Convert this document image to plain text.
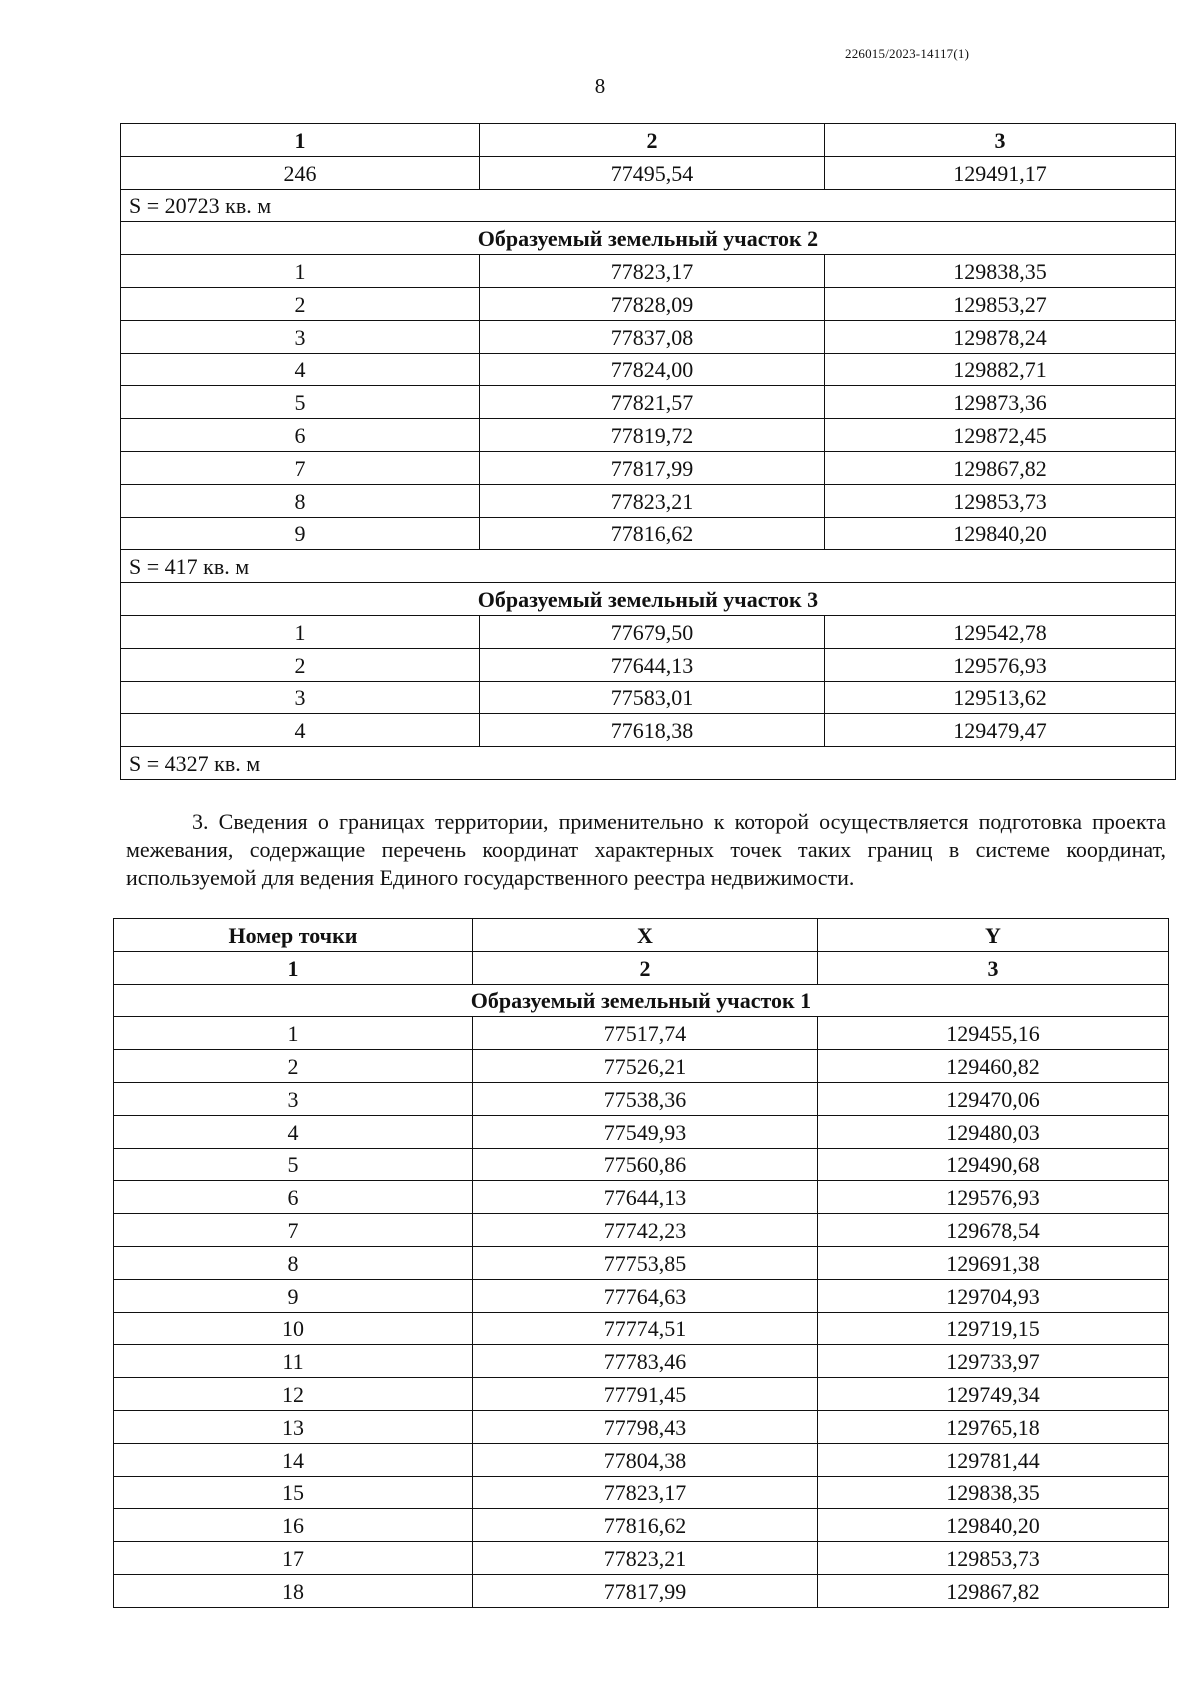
226015/2023-14117(1)
8
1	2	3
246	77495,54	129491,17
S = 20723 кв. м		
Образуемый земельный участок 2		
1	77823,17	129838,35
2	77828,09	129853,27
3	77837,08	129878,24
4	77824,00	129882,71
5	77821,57	129873,36
6	77819,72	129872,45
7	77817,99	129867,82
8	77823,21	129853,73
9	77816,62	129840,20
S = 417 кв. м		
Образуемый земельный участок 3		
1	77679,50	129542,78
2	77644,13	129576,93
3	77583,01	129513,62
4	77618,38	129479,47
S = 4327 кв. м		
3. Сведения о границах территории, применительно к которой осуществляется подготовка проекта межевания, содержащие перечень координат характерных точек таких границ в системе координат, используемой для ведения Единого государственного реестра недвижимости.
Номер точки	X	Y
1	2	3
Образуемый земельный участок 1		
1	77517,74	129455,16
2	77526,21	129460,82
3	77538,36	129470,06
4	77549,93	129480,03
5	77560,86	129490,68
6	77644,13	129576,93
7	77742,23	129678,54
8	77753,85	129691,38
9	77764,63	129704,93
10	77774,51	129719,15
11	77783,46	129733,97
12	77791,45	129749,34
13	77798,43	129765,18
14	77804,38	129781,44
15	77823,17	129838,35
16	77816,62	129840,20
17	77823,21	129853,73
18	77817,99	129867,82
